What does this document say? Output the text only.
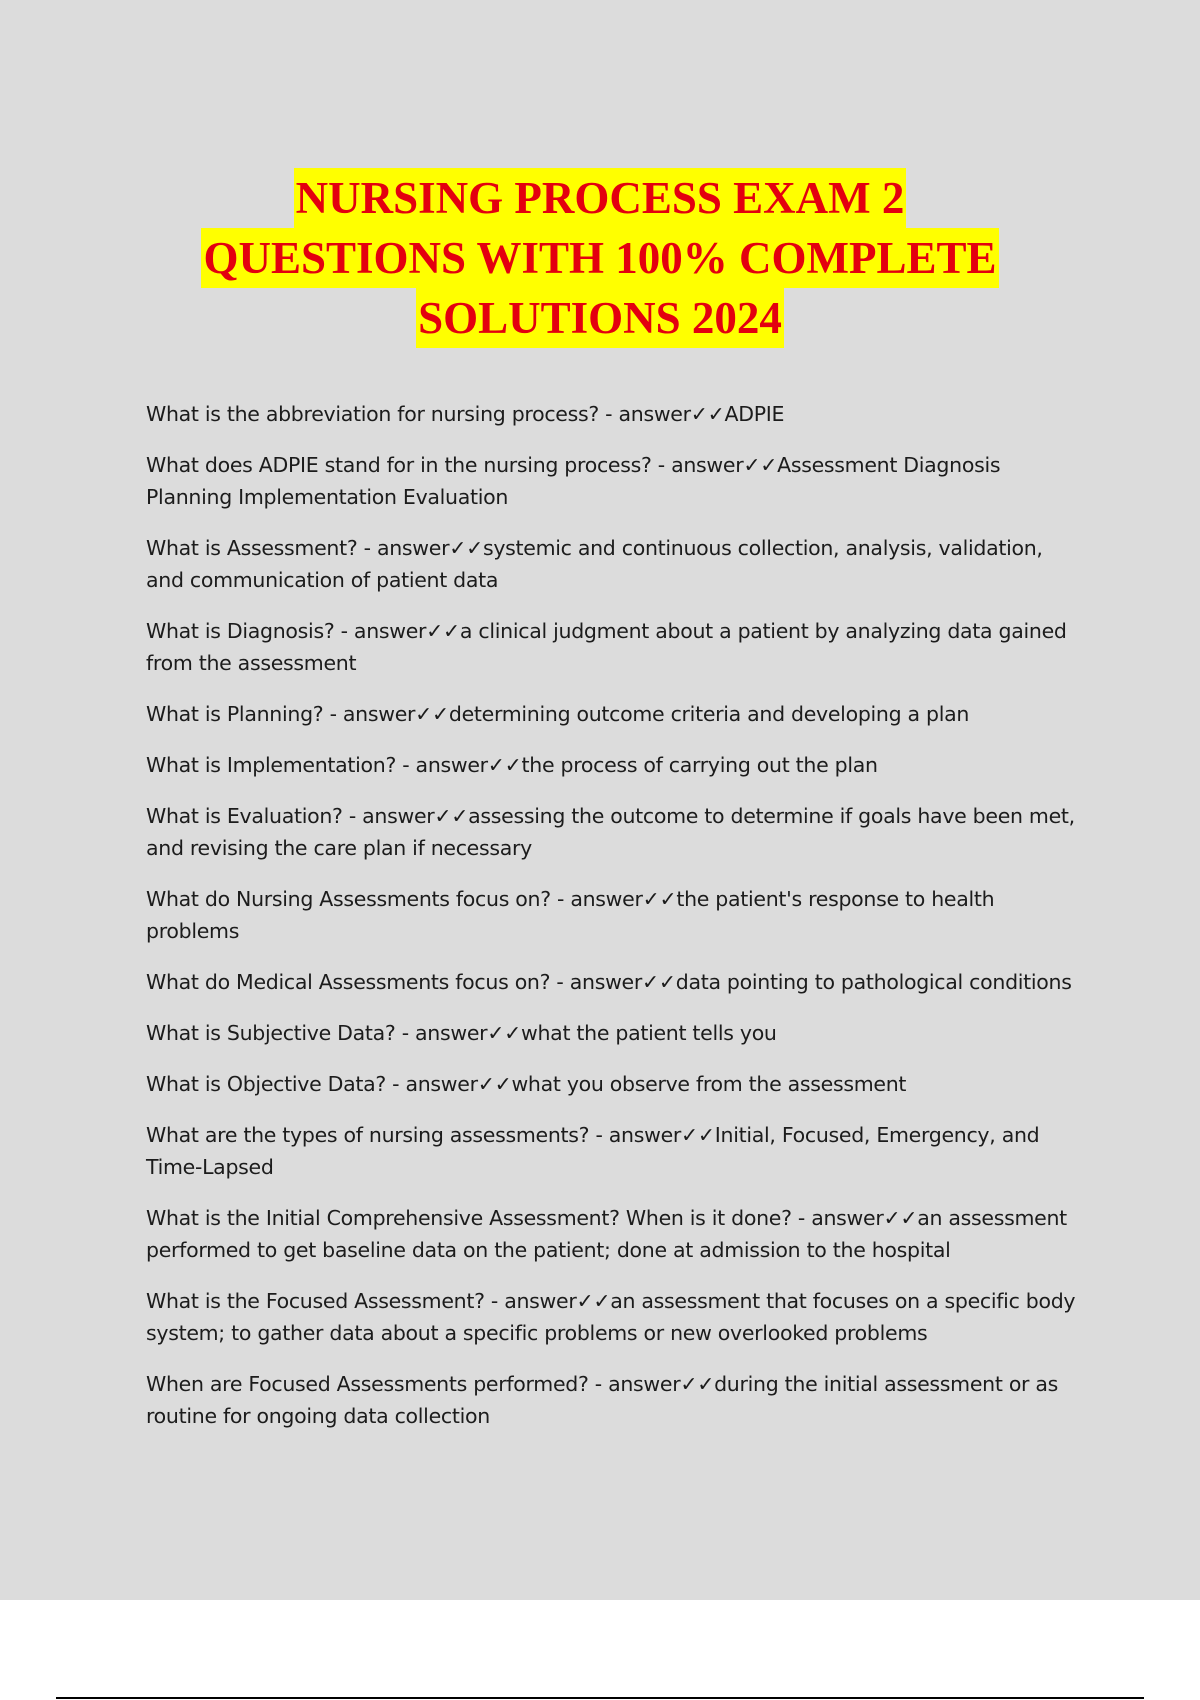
NURSING PROCESS EXAM 2
QUESTIONS WITH 100% COMPLETE
SOLUTIONS 2024

What is the abbreviation for nursing process? - answer✓✓ADPIE

What does ADPIE stand for in the nursing process? - answer✓✓Assessment Diagnosis Planning Implementation Evaluation

What is Assessment? - answer✓✓systemic and continuous collection, analysis, validation, and communication of patient data

What is Diagnosis? - answer✓✓a clinical judgment about a patient by analyzing data gained from the assessment

What is Planning? - answer✓✓determining outcome criteria and developing a plan

What is Implementation? - answer✓✓the process of carrying out the plan

What is Evaluation? - answer✓✓assessing the outcome to determine if goals have been met, and revising the care plan if necessary

What do Nursing Assessments focus on? - answer✓✓the patient's response to health problems

What do Medical Assessments focus on? - answer✓✓data pointing to pathological conditions

What is Subjective Data? - answer✓✓what the patient tells you

What is Objective Data? - answer✓✓what you observe from the assessment

What are the types of nursing assessments? - answer✓✓Initial, Focused, Emergency, and Time-Lapsed

What is the Initial Comprehensive Assessment? When is it done? - answer✓✓an assessment performed to get baseline data on the patient; done at admission to the hospital

What is the Focused Assessment? - answer✓✓an assessment that focuses on a specific body system; to gather data about a specific problems or new overlooked problems

When are Focused Assessments performed? - answer✓✓during the initial assessment or as routine for ongoing data collection
